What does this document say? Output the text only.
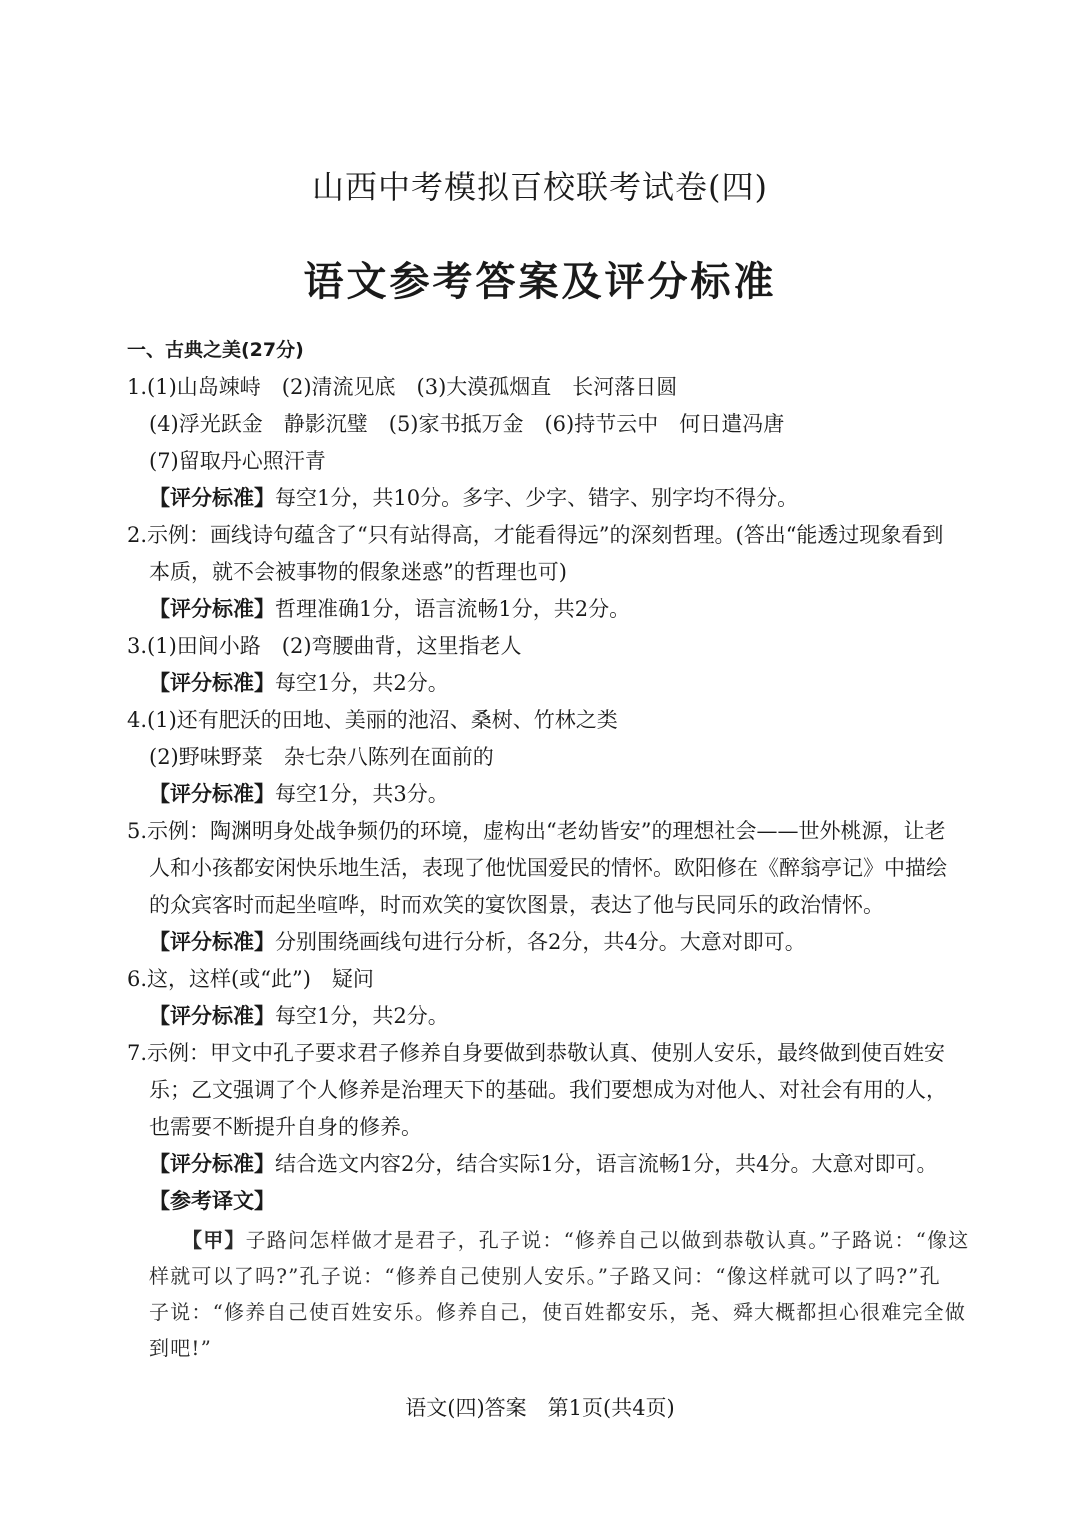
山西中考模拟百校联考试卷(四)
语文参考答案及评分标准
一、古典之美(27分)
1.(1)山岛竦峙　(2)清流见底　(3)大漠孤烟直　长河落日圆
(4)浮光跃金　静影沉璧　(5)家书抵万金　(6)持节云中　何日遣冯唐
(7)留取丹心照汗青
【评分标准】每空1分，共10分。多字、少字、错字、别字均不得分。
2.示例：画线诗句蕴含了“只有站得高，才能看得远”的深刻哲理。(答出“能透过现象看到
本质，就不会被事物的假象迷惑”的哲理也可)
【评分标准】哲理准确1分，语言流畅1分，共2分。
3.(1)田间小路　(2)弯腰曲背，这里指老人
【评分标准】每空1分，共2分。
4.(1)还有肥沃的田地、美丽的池沼、桑树、竹林之类
(2)野味野菜　杂七杂八陈列在面前的
【评分标准】每空1分，共3分。
5.示例：陶渊明身处战争频仍的环境，虚构出“老幼皆安”的理想社会——世外桃源，让老
人和小孩都安闲快乐地生活，表现了他忧国爱民的情怀。欧阳修在《醉翁亭记》中描绘
的众宾客时而起坐喧哗，时而欢笑的宴饮图景，表达了他与民同乐的政治情怀。
【评分标准】分别围绕画线句进行分析，各2分，共4分。大意对即可。
6.这，这样(或“此”)　疑问
【评分标准】每空1分，共2分。
7.示例：甲文中孔子要求君子修养自身要做到恭敬认真、使别人安乐，最终做到使百姓安
乐；乙文强调了个人修养是治理天下的基础。我们要想成为对他人、对社会有用的人，
也需要不断提升自身的修养。
【评分标准】结合选文内容2分，结合实际1分，语言流畅1分，共4分。大意对即可。
【参考译文】
【甲】子路问怎样做才是君子，孔子说：“修养自己以做到恭敬认真。”子路说：“像这
样就可以了吗?”孔子说：“修养自己使别人安乐。”子路又问：“像这样就可以了吗?”孔
子说：“修养自己使百姓安乐。修养自己，使百姓都安乐，尧、舜大概都担心很难完全做
到吧!”
语文(四)答案　第1页(共4页)
